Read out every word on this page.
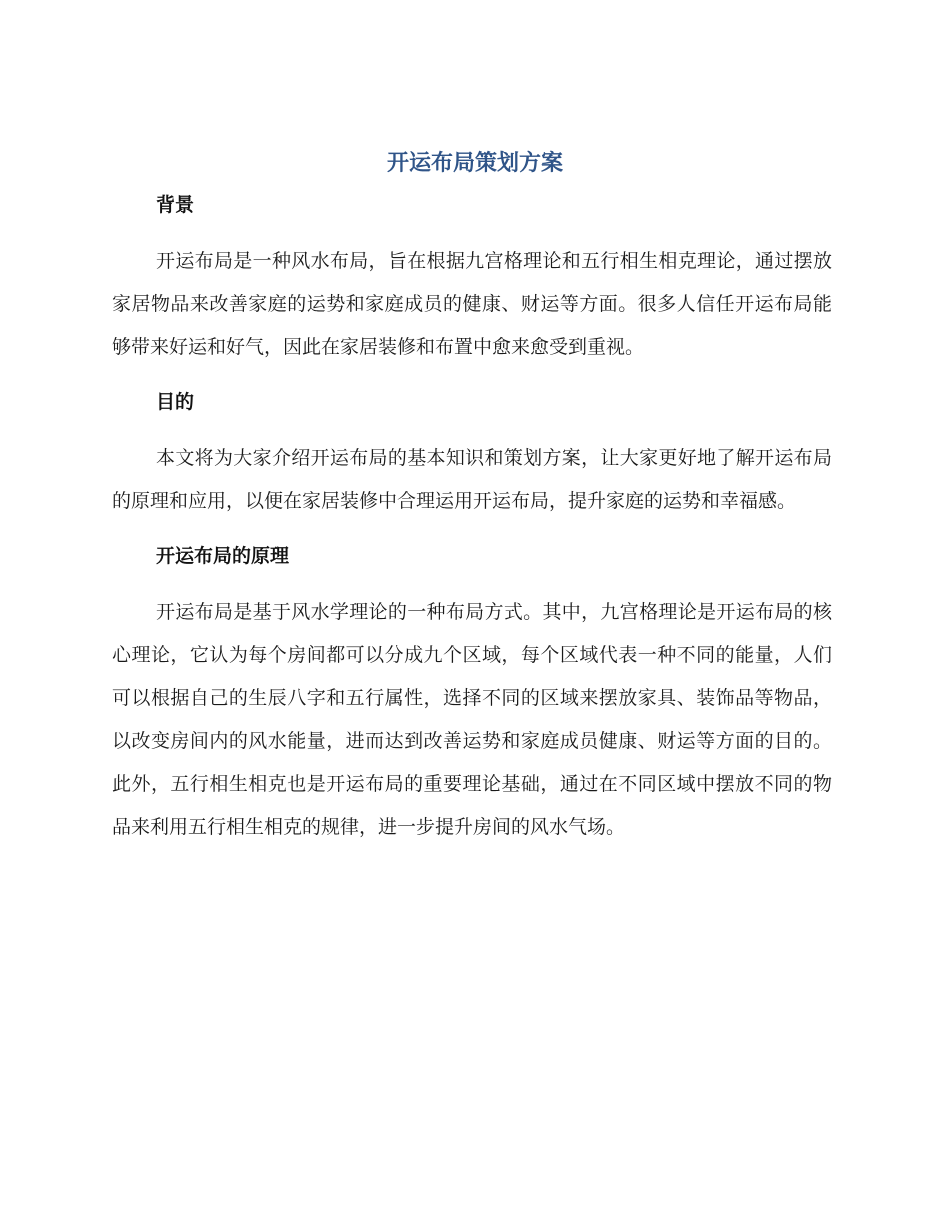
开运布局策划方案
背景

开运布局是一种风水布局，旨在根据九宫格理论和五行相生相克理论，通过摆放家居物品来改善家庭的运势和家庭成员的健康、财运等方面。很多人信任开运布局能够带来好运和好气，因此在家居装修和布置中愈来愈受到重视。

目的

本文将为大家介绍开运布局的基本知识和策划方案，让大家更好地了解开运布局的原理和应用，以便在家居装修中合理运用开运布局，提升家庭的运势和幸福感。

开运布局的原理

开运布局是基于风水学理论的一种布局方式。其中，九宫格理论是开运布局的核心理论，它认为每个房间都可以分成九个区域，每个区域代表一种不同的能量，人们可以根据自己的生辰八字和五行属性，选择不同的区域来摆放家具、装饰品等物品，以改变房间内的风水能量，进而达到改善运势和家庭成员健康、财运等方面的目的。此外，五行相生相克也是开运布局的重要理论基础，通过在不同区域中摆放不同的物品来利用五行相生相克的规律，进一步提升房间的风水气场。
